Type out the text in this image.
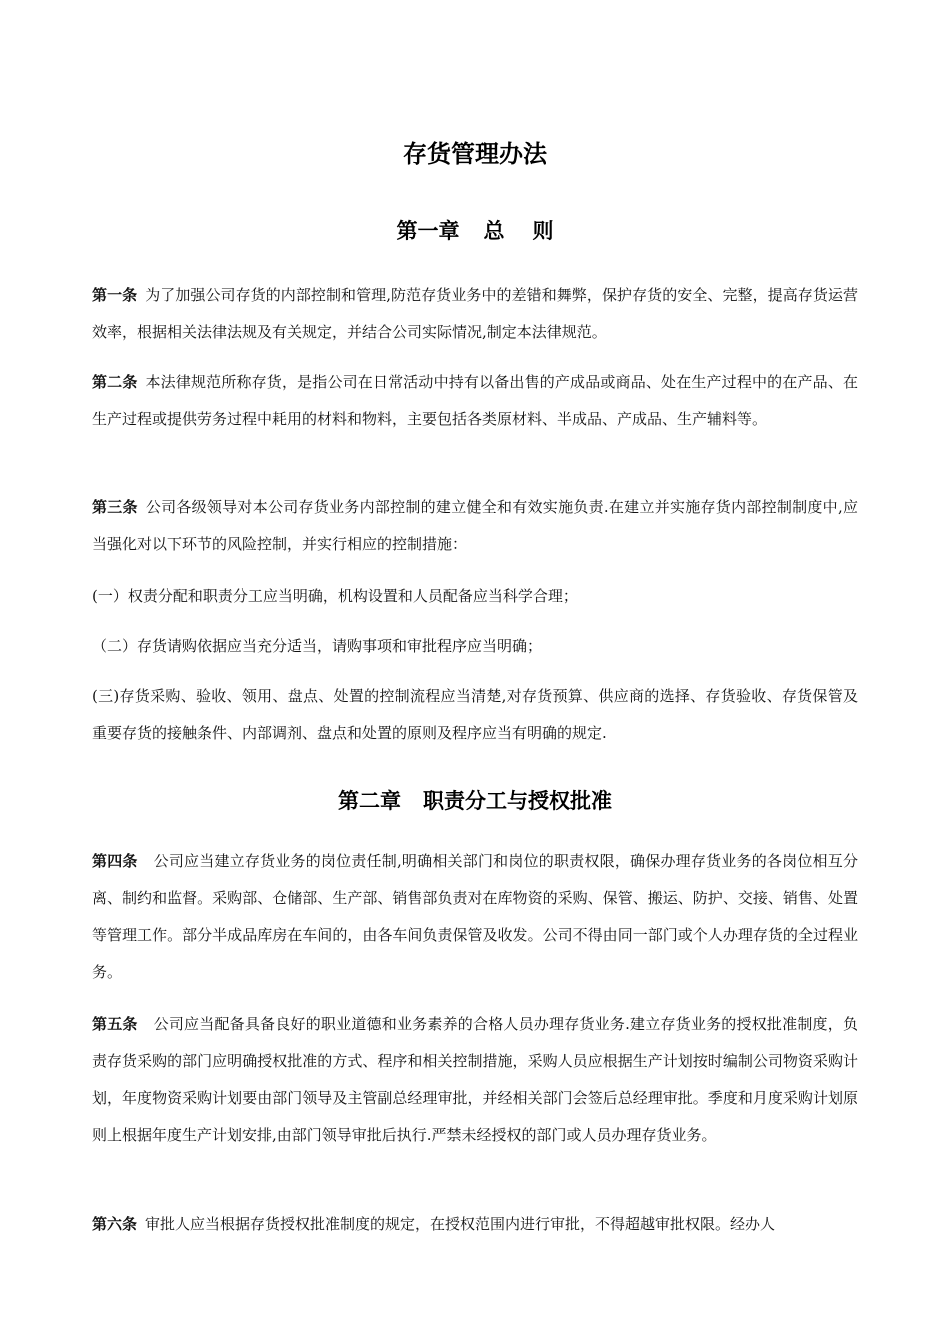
存货管理办法
第一章 总 则

第一条 为了加强公司存货的内部控制和管理,防范存货业务中的差错和舞弊，保护存货的安全、完整，提高存货运营效率，根据相关法律法规及有关规定，并结合公司实际情况,制定本法律规范。

第二条 本法律规范所称存货，是指公司在日常活动中持有以备出售的产成品或商品、处在生产过程中的在产品、在生产过程或提供劳务过程中耗用的材料和物料，主要包括各类原材料、半成品、产成品、生产辅料等。

第三条 公司各级领导对本公司存货业务内部控制的建立健全和有效实施负责.在建立并实施存货内部控制制度中,应当强化对以下环节的风险控制，并实行相应的控制措施：

(一）权责分配和职责分工应当明确，机构设置和人员配备应当科学合理；

（二）存货请购依据应当充分适当，请购事项和审批程序应当明确；

(三)存货采购、验收、领用、盘点、处置的控制流程应当清楚,对存货预算、供应商的选择、存货验收、存货保管及重要存货的接触条件、内部调剂、盘点和处置的原则及程序应当有明确的规定.

第二章 职责分工与授权批准

第四条 公司应当建立存货业务的岗位责任制,明确相关部门和岗位的职责权限，确保办理存货业务的各岗位相互分离、制约和监督。采购部、仓储部、生产部、销售部负责对在库物资的采购、保管、搬运、防护、交接、销售、处置等管理工作。部分半成品库房在车间的，由各车间负责保管及收发。公司不得由同一部门或个人办理存货的全过程业务。

第五条 公司应当配备具备良好的职业道德和业务素养的合格人员办理存货业务.建立存货业务的授权批准制度，负责存货采购的部门应明确授权批准的方式、程序和相关控制措施，采购人员应根据生产计划按时编制公司物资采购计划，年度物资采购计划要由部门领导及主管副总经理审批，并经相关部门会签后总经理审批。季度和月度采购计划原则上根据年度生产计划安排,由部门领导审批后执行.严禁未经授权的部门或人员办理存货业务。

第六条 审批人应当根据存货授权批准制度的规定，在授权范围内进行审批，不得超越审批权限。经办人
